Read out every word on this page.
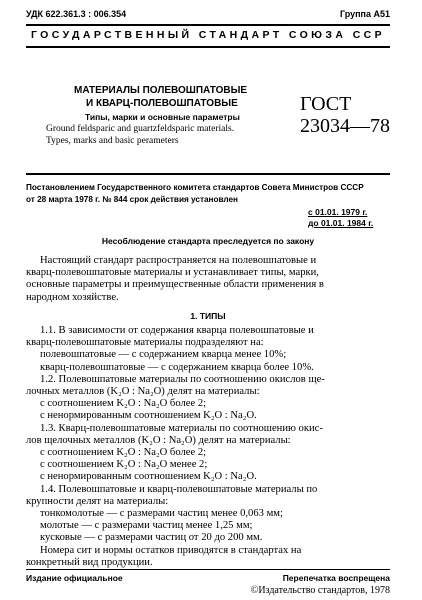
УДК 622.361.3 : 006.354	Группа А51
ГОСУДАРСТВЕННЫЙ СТАНДАРТ СОЮЗА ССР
МАТЕРИАЛЫ ПОЛЕВОШПАТОВЫЕ
И КВАРЦ-ПОЛЕВОШПАТОВЫЕ
Типы, марки и основные параметры
Ground feldsparic and guartzfeldsparic materials.
Types, marks and basic perameters
ГОСТ
23034—78
Постановлением Государственного комитета стандартов Совета Министров СССР
от 28 марта 1978 г. № 844 срок действия установлен
с 01.01. 1979 г.
до 01.01. 1984 г.
Несоблюдение стандарта преследуется по закону
Настоящий стандарт распространяется на полевошпатовые и
кварц-полевошпатовые материалы и устанавливает типы, марки,
основные параметры и преимущественные области применения в
народном хозяйстве.
1. ТИПЫ
1.1. В зависимости от содержания кварца полевошпатовые и
кварц-полевошпатовые материалы подразделяют на:
полевошпатовые — с содержанием кварца менее 10%;
кварц-полевошпатовые — с содержанием кварца более 10%.
1.2. Полевошпатовые материалы по соотношению окислов ще-
лочных металлов (K₂O : Na₂O) делят на материалы:
с соотношением K₂O : Na₂O более 2;
с ненормированным соотношением K₂O : Na₂O.
1.3. Кварц-полевошпатовые материалы по соотношению окис-
лов щелочных металлов (K₂O : Na₂O) делят на материалы:
с соотношением K₂O : Na₂O более 2;
с соотношением K₂O : Na₂O менее 2;
с ненормированным соотношением K₂O : Na₂O.
1.4. Полевошпатовые и кварц-полевошпатовые материалы по
крупности делят на материалы:
тонкомолотые — с размерами частиц менее 0,063 мм;
молотые — с размерами частиц менее 1,25 мм;
кусковые — с размерами частиц от 20 до 200 мм.
Номера сит и нормы остатков приводятся в стандартах на
конкретный вид продукции.
Издание официальное	Перепечатка воспрещена
©Издательство стандартов, 1978
